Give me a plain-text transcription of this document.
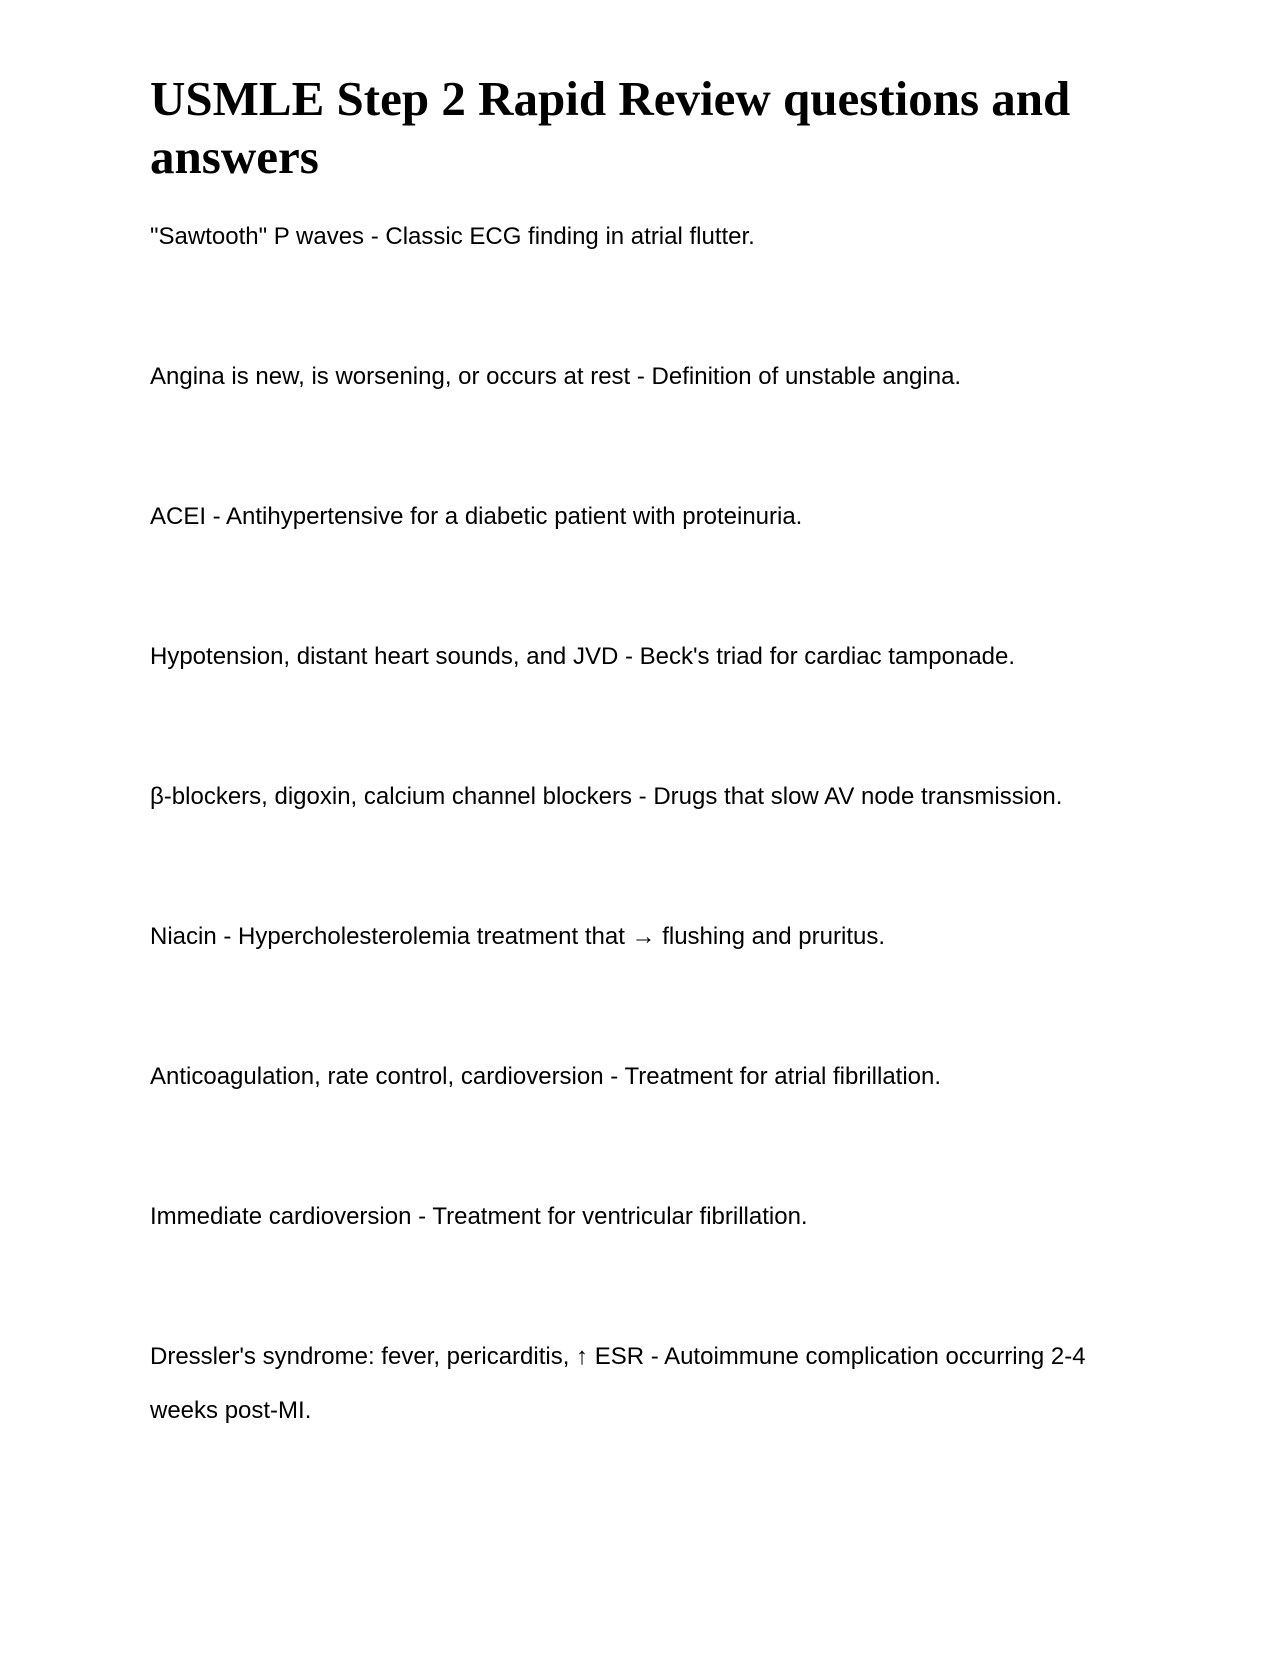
USMLE Step 2 Rapid Review questions and answers

"Sawtooth" P waves - Classic ECG finding in atrial flutter.

Angina is new, is worsening, or occurs at rest - Definition of unstable angina.

ACEI - Antihypertensive for a diabetic patient with proteinuria.

Hypotension, distant heart sounds, and JVD - Beck's triad for cardiac tamponade.

β-blockers, digoxin, calcium channel blockers - Drugs that slow AV node transmission.

Niacin - Hypercholesterolemia treatment that → flushing and pruritus.

Anticoagulation, rate control, cardioversion - Treatment for atrial fibrillation.

Immediate cardioversion - Treatment for ventricular fibrillation.

Dressler's syndrome: fever, pericarditis, ↑ ESR - Autoimmune complication occurring 2-4 weeks post-MI.
